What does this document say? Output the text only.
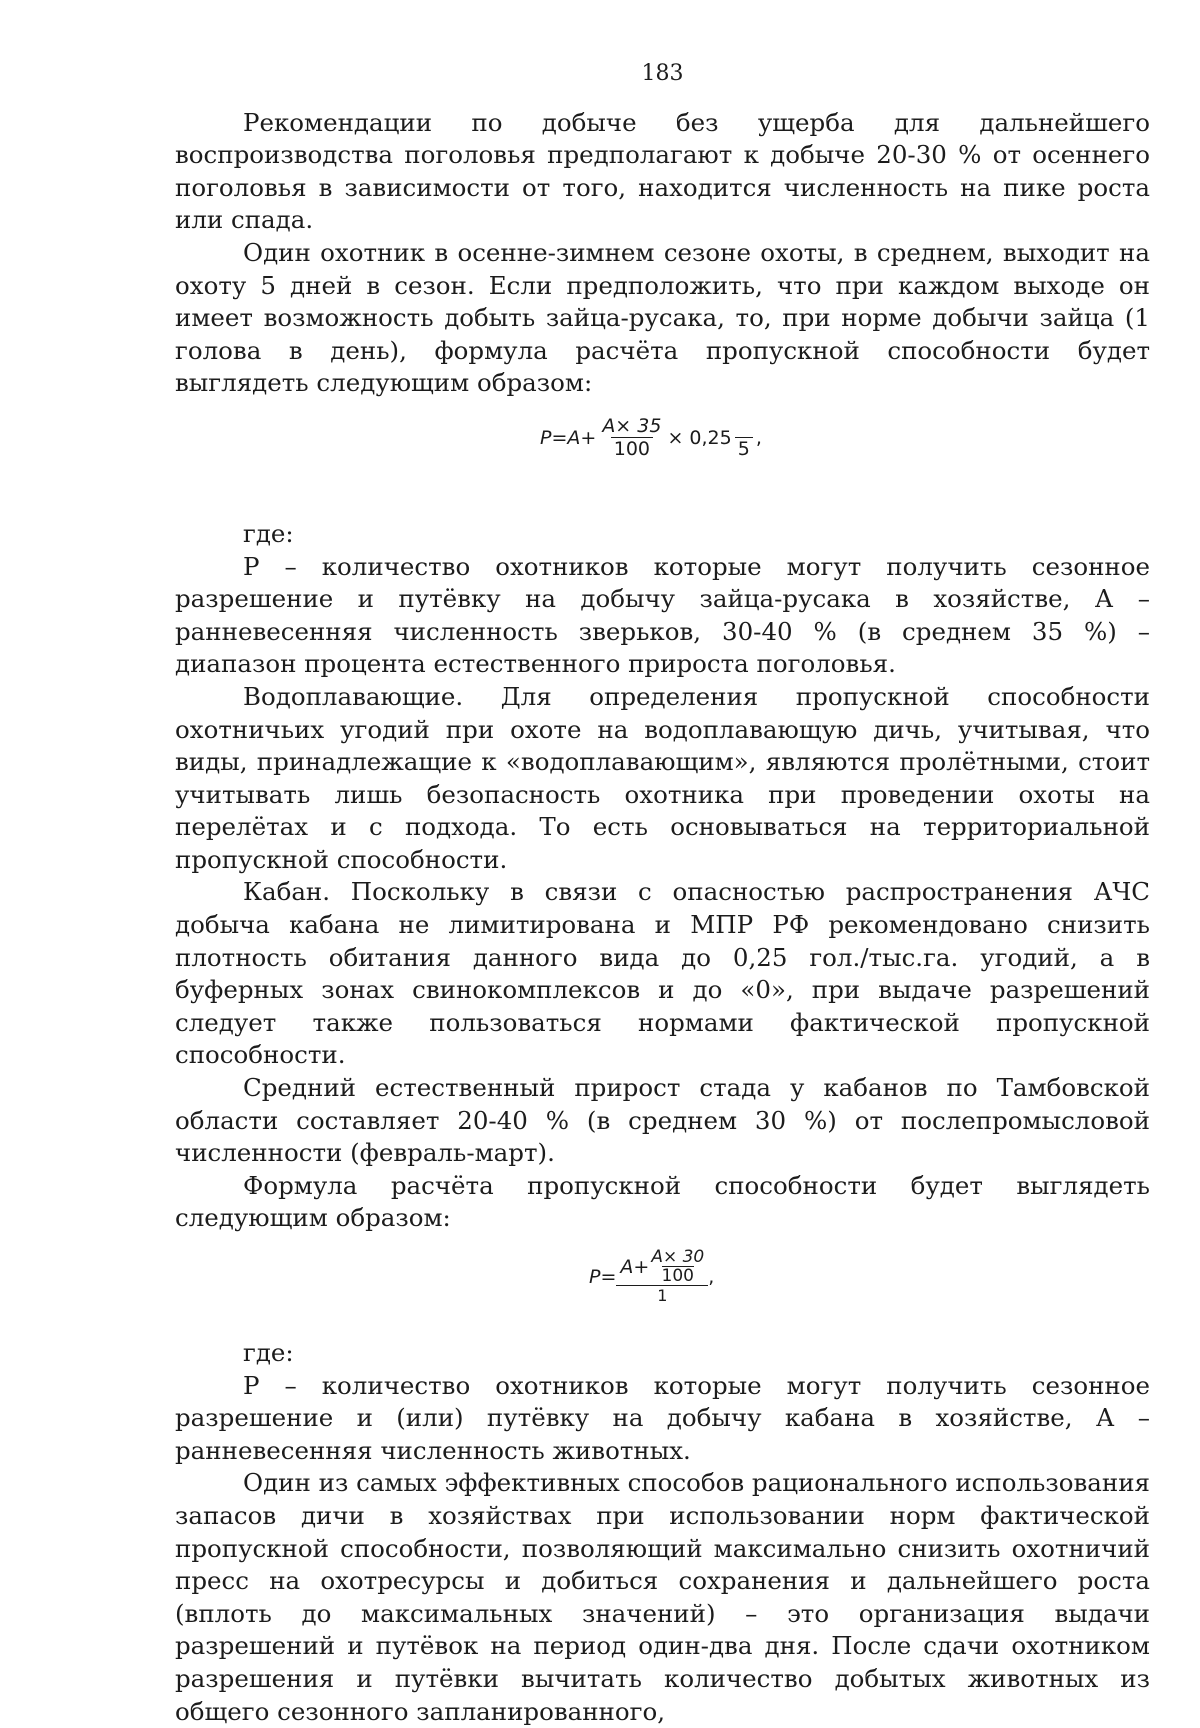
183

Рекомендации по добыче без ущерба для дальнейшего воспроизводства поголовья предполагают к добыче 20-30 % от осеннего поголовья в зависимости от того, находится численность на пике роста или спада.

Один охотник в осенне-зимнем сезоне охоты, в среднем, выходит на охоту 5 дней в сезон. Если предположить, что при каждом выходе он имеет возможность добыть зайца-русака, то, при норме добычи зайца (1 голова в день), формула расчёта пропускной способности будет выглядеть следующим образом:

$P = A + \frac{A\times 35}{100} \times 0,25$
5
,

где:

Р – количество охотников которые могут получить сезонное разрешение и путёвку на добычу зайца-русака в хозяйстве, А – ранневесенняя численность зверьков, 30-40 % (в среднем 35 %) – диапазон процента естественного прироста поголовья.

Водоплавающие. Для определения пропускной способности охотничьих угодий при охоте на водоплавающую дичь, учитывая, что виды, принадлежащие к «водоплавающим», являются пролётными, стоит учитывать лишь безопасность охотника при проведении охоты на перелётах и с подхода. То есть основываться на территориальной пропускной способности.

Кабан. Поскольку в связи с опасностью распространения АЧС добыча кабана не лимитирована и МПР РФ рекомендовано снизить плотность обитания данного вида до 0,25 гол./тыс.га. угодий, а в буферных зонах свинокомплексов и до «0», при выдаче разрешений следует также пользоваться нормами фактической пропускной способности.

Средний естественный прирост стада у кабанов по Тамбовской области составляет 20-40 % (в среднем 30 %) от послепромысловой численности (февраль-март).

Формула расчёта пропускной способности будет выглядеть следующим образом:

$P = A + \frac{A\times 30}{100}$
1
,

где:

Р – количество охотников которые могут получить сезонное разрешение и (или) путёвку на добычу кабана в хозяйстве, А – ранневесенняя численность животных.

Один из самых эффективных способов рационального использования запасов дичи в хозяйствах при использовании норм фактической пропускной способности, позволяющий максимально снизить охотничий пресс на охотресурсы и добиться сохранения и дальнейшего роста (вплоть до максимальных значений) – это организация выдачи разрешений и путёвок на период один-два дня. После сдачи охотником разрешения и путёвки вычитать количество добытых животных из общего сезонного запланированного,
